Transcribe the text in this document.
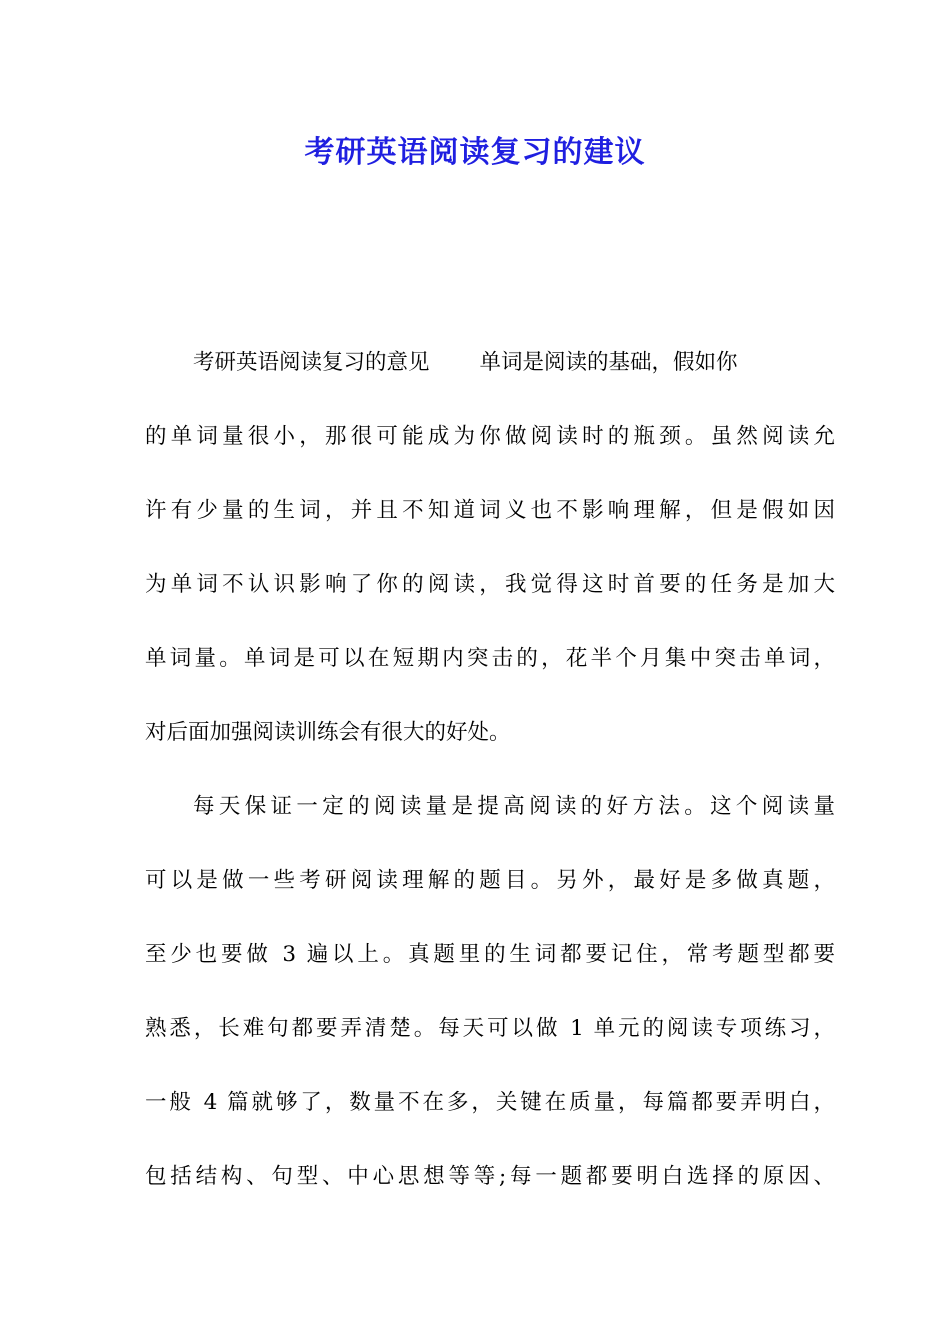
考研英语阅读复习的建议
考研英语阅读复习的意见 单词是阅读的基础，假如你
的单词量很小，那很可能成为你做阅读时的瓶颈。虽然阅读允
许有少量的生词，并且不知道词义也不影响理解，但是假如因
为单词不认识影响了你的阅读，我觉得这时首要的任务是加大
单词量。单词是可以在短期内突击的，花半个月集中突击单词，
对后面加强阅读训练会有很大的好处。
每天保证一定的阅读量是提高阅读的好方法。这个阅读量
可以是做一些考研阅读理解的题目。另外，最好是多做真题，
至少也要做 3 遍以上。真题里的生词都要记住，常考题型都要
熟悉，长难句都要弄清楚。每天可以做 1 单元的阅读专项练习，
一般 4 篇就够了，数量不在多，关键在质量，每篇都要弄明白，
包括结构、句型、中心思想等等;每一题都要明白选择的原因、
